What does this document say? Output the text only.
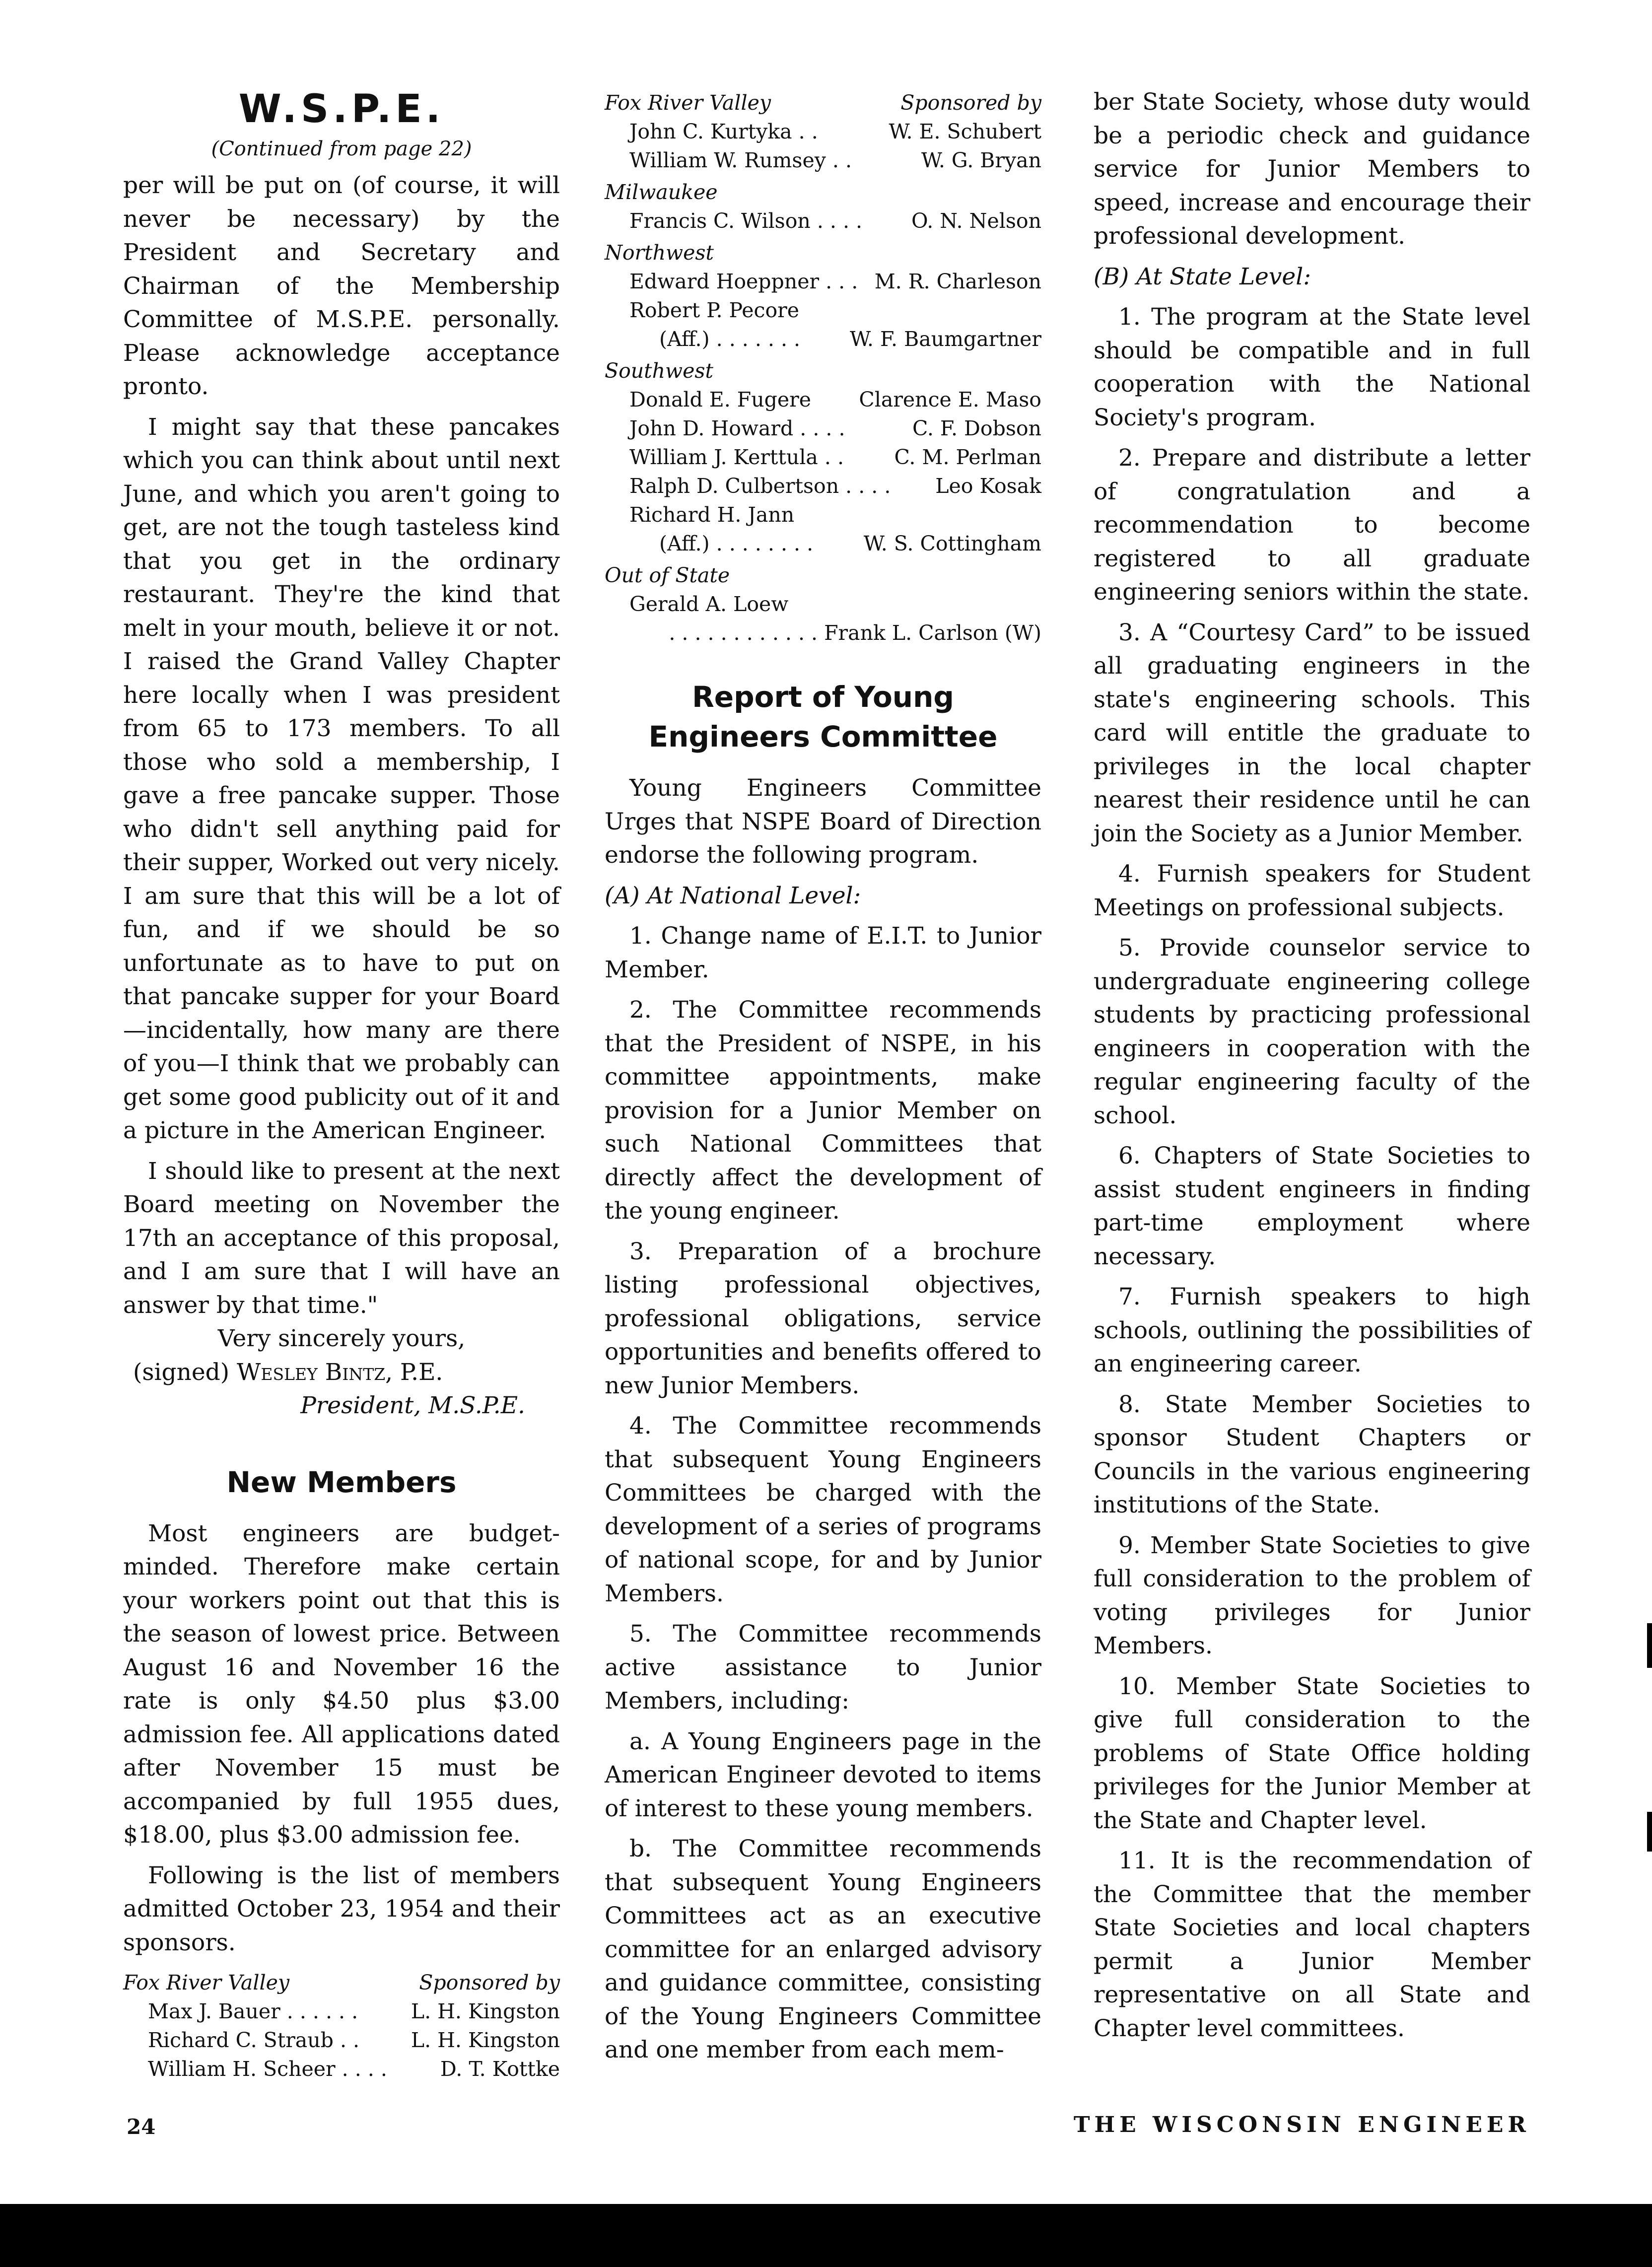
W.S.P.E.
(Continued from page 22)

per will be put on (of course, it will never be necessary) by the President and Secretary and Chairman of the Membership Committee of M.S.P.E. personally. Please acknowledge acceptance pronto.

I might say that these pancakes which you can think about until next June, and which you aren't going to get, are not the tough tasteless kind that you get in the ordinary restaurant. They're the kind that melt in your mouth, believe it or not. I raised the Grand Valley Chapter here locally when I was president from 65 to 173 members. To all those who sold a membership, I gave a free pancake supper. Those who didn't sell anything paid for their supper, Worked out very nicely. I am sure that this will be a lot of fun, and if we should be so unfortunate as to have to put on that pancake supper for your Board—incidentally, how many are there of you—I think that we probably can get some good publicity out of it and a picture in the American Engineer.

I should like to present at the next Board meeting on November the 17th an acceptance of this proposal, and I am sure that I will have an answer by that time."

Very sincerely yours,
(signed) Wesley Bintz, P.E.
President, M.S.P.E.
New Members

Most engineers are budget-minded. Therefore make certain your workers point out that this is the season of lowest price. Between August 16 and November 16 the rate is only $4.50 plus $3.00 admission fee. All applications dated after November 15 must be accompanied by full 1955 dues, $18.00, plus $3.00 admission fee.

Following is the list of members admitted October 23, 1954 and their sponsors.

Fox River Valley	Sponsored by
Max J. Bauer . . . . . .	L. H. Kingston
Richard C. Straub . .	L. H. Kingston
William H. Scheer . . . .	D. T. Kottke
Fox River Valley	Sponsored by
John C. Kurtyka . .	W. E. Schubert
William W. Rumsey . .	W. G. Bryan
Milwaukee
Francis C. Wilson . . . . O. N. Nelson
Northwest
Edward Hoeppner . . . M. R. Charleson
Robert P. Pecore
(Aff.) . . . . . . . W. F. Baumgartner
Southwest
Donald E. Fugere Clarence E. Maso
John D. Howard . . . .	C. F. Dobson
William J. Kerttula . . C. M. Perlman
Ralph D. Culbertson . . . . Leo Kosak
Richard H. Jann
(Aff.) . . . . . . . . W. S. Cottingham
Out of State
Gerald A. Loew
. . . . . . . . . . . . Frank L. Carlson (W)
Report of Young Engineers Committee

Young Engineers Committee Urges that NSPE Board of Direction endorse the following program.

(A) At National Level:

1. Change name of E.I.T. to Junior Member.

2. The Committee recommends that the President of NSPE, in his committee appointments, make provision for a Junior Member on such National Committees that directly affect the development of the young engineer.

3. Preparation of a brochure listing professional objectives, professional obligations, service opportunities and benefits offered to new Junior Members.

4. The Committee recommends that subsequent Young Engineers Committees be charged with the development of a series of programs of national scope, for and by Junior Members.

5. The Committee recommends active assistance to Junior Members, including:

a. A Young Engineers page in the American Engineer devoted to items of interest to these young members.

b. The Committee recommends that subsequent Young Engineers Committees act as an executive committee for an enlarged advisory and guidance committee, consisting of the Young Engineers Committee and one member from each mem-

ber State Society, whose duty would be a periodic check and guidance service for Junior Members to speed, increase and encourage their professional development.

(B) At State Level:

1. The program at the State level should be compatible and in full cooperation with the National Society's program.

2. Prepare and distribute a letter of congratulation and a recommendation to become registered to all graduate engineering seniors within the state.

3. A “Courtesy Card” to be issued all graduating engineers in the state's engineering schools. This card will entitle the graduate to privileges in the local chapter nearest their residence until he can join the Society as a Junior Member.

4. Furnish speakers for Student Meetings on professional subjects.

5. Provide counselor service to undergraduate engineering college students by practicing professional engineers in cooperation with the regular engineering faculty of the school.

6. Chapters of State Societies to assist student engineers in finding part-time employment where necessary.

7. Furnish speakers to high schools, outlining the possibilities of an engineering career.

8. State Member Societies to sponsor Student Chapters or Councils in the various engineering institutions of the State.

9. Member State Societies to give full consideration to the problem of voting privileges for Junior Members.

10. Member State Societies to give full consideration to the problems of State Office holding privileges for the Junior Member at the State and Chapter level.

11. It is the recommendation of the Committee that the member State Societies and local chapters permit a Junior Member representative on all State and Chapter level committees.

24	THE WISCONSIN ENGINEER
